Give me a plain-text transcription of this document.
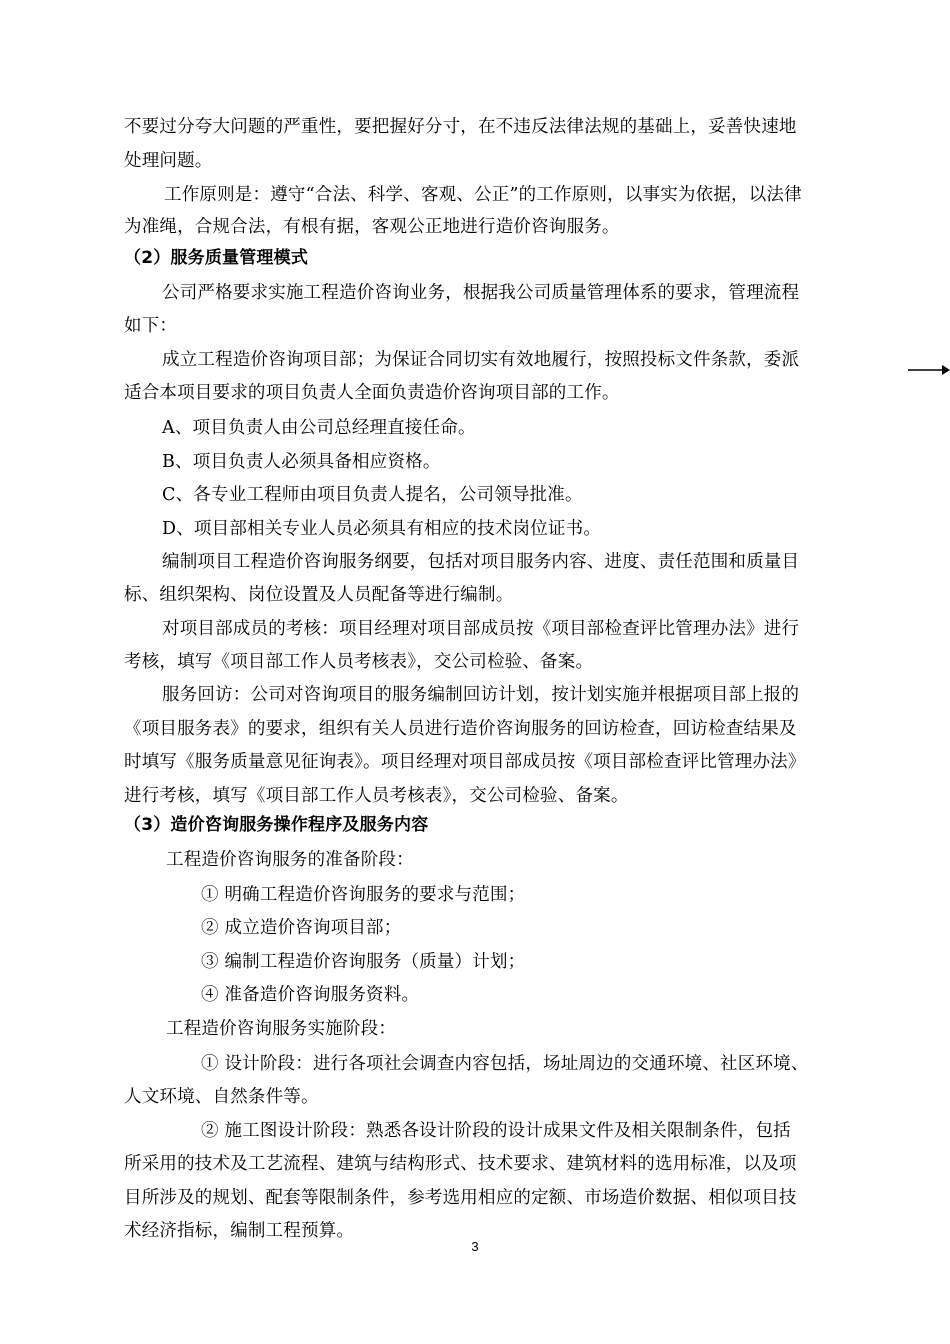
不要过分夸大问题的严重性，要把握好分寸，在不违反法律法规的基础上，妥善快速地
处理问题。
工作原则是：遵守“合法、科学、客观、公正”的工作原则，以事实为依据，以法律
为准绳，合规合法，有根有据，客观公正地进行造价咨询服务。
（2）服务质量管理模式
公司严格要求实施工程造价咨询业务，根据我公司质量管理体系的要求，管理流程
如下：
成立工程造价咨询项目部；为保证合同切实有效地履行，按照投标文件条款，委派
适合本项目要求的项目负责人全面负责造价咨询项目部的工作。
A、项目负责人由公司总经理直接任命。
B、项目负责人必须具备相应资格。
C、各专业工程师由项目负责人提名，公司领导批准。
D、项目部相关专业人员必须具有相应的技术岗位证书。
编制项目工程造价咨询服务纲要，包括对项目服务内容、进度、责任范围和质量目
标、组织架构、岗位设置及人员配备等进行编制。
对项目部成员的考核：项目经理对项目部成员按《项目部检查评比管理办法》进行
考核，填写《项目部工作人员考核表》，交公司检验、备案。
服务回访：公司对咨询项目的服务编制回访计划，按计划实施并根据项目部上报的
《项目服务表》的要求，组织有关人员进行造价咨询服务的回访检查，回访检查结果及
时填写《服务质量意见征询表》。项目经理对项目部成员按《项目部检查评比管理办法》
进行考核，填写《项目部工作人员考核表》，交公司检验、备案。
（3）造价咨询服务操作程序及服务内容
工程造价咨询服务的准备阶段：
① 明确工程造价咨询服务的要求与范围；
② 成立造价咨询项目部；
③ 编制工程造价咨询服务（质量）计划；
④ 准备造价咨询服务资料。
工程造价咨询服务实施阶段：
① 设计阶段：进行各项社会调查内容包括，场址周边的交通环境、社区环境、
人文环境、自然条件等。
② 施工图设计阶段：熟悉各设计阶段的设计成果文件及相关限制条件，包括
所采用的技术及工艺流程、建筑与结构形式、技术要求、建筑材料的选用标准，以及项
目所涉及的规划、配套等限制条件，参考选用相应的定额、市场造价数据、相似项目技
术经济指标，编制工程预算。
3
